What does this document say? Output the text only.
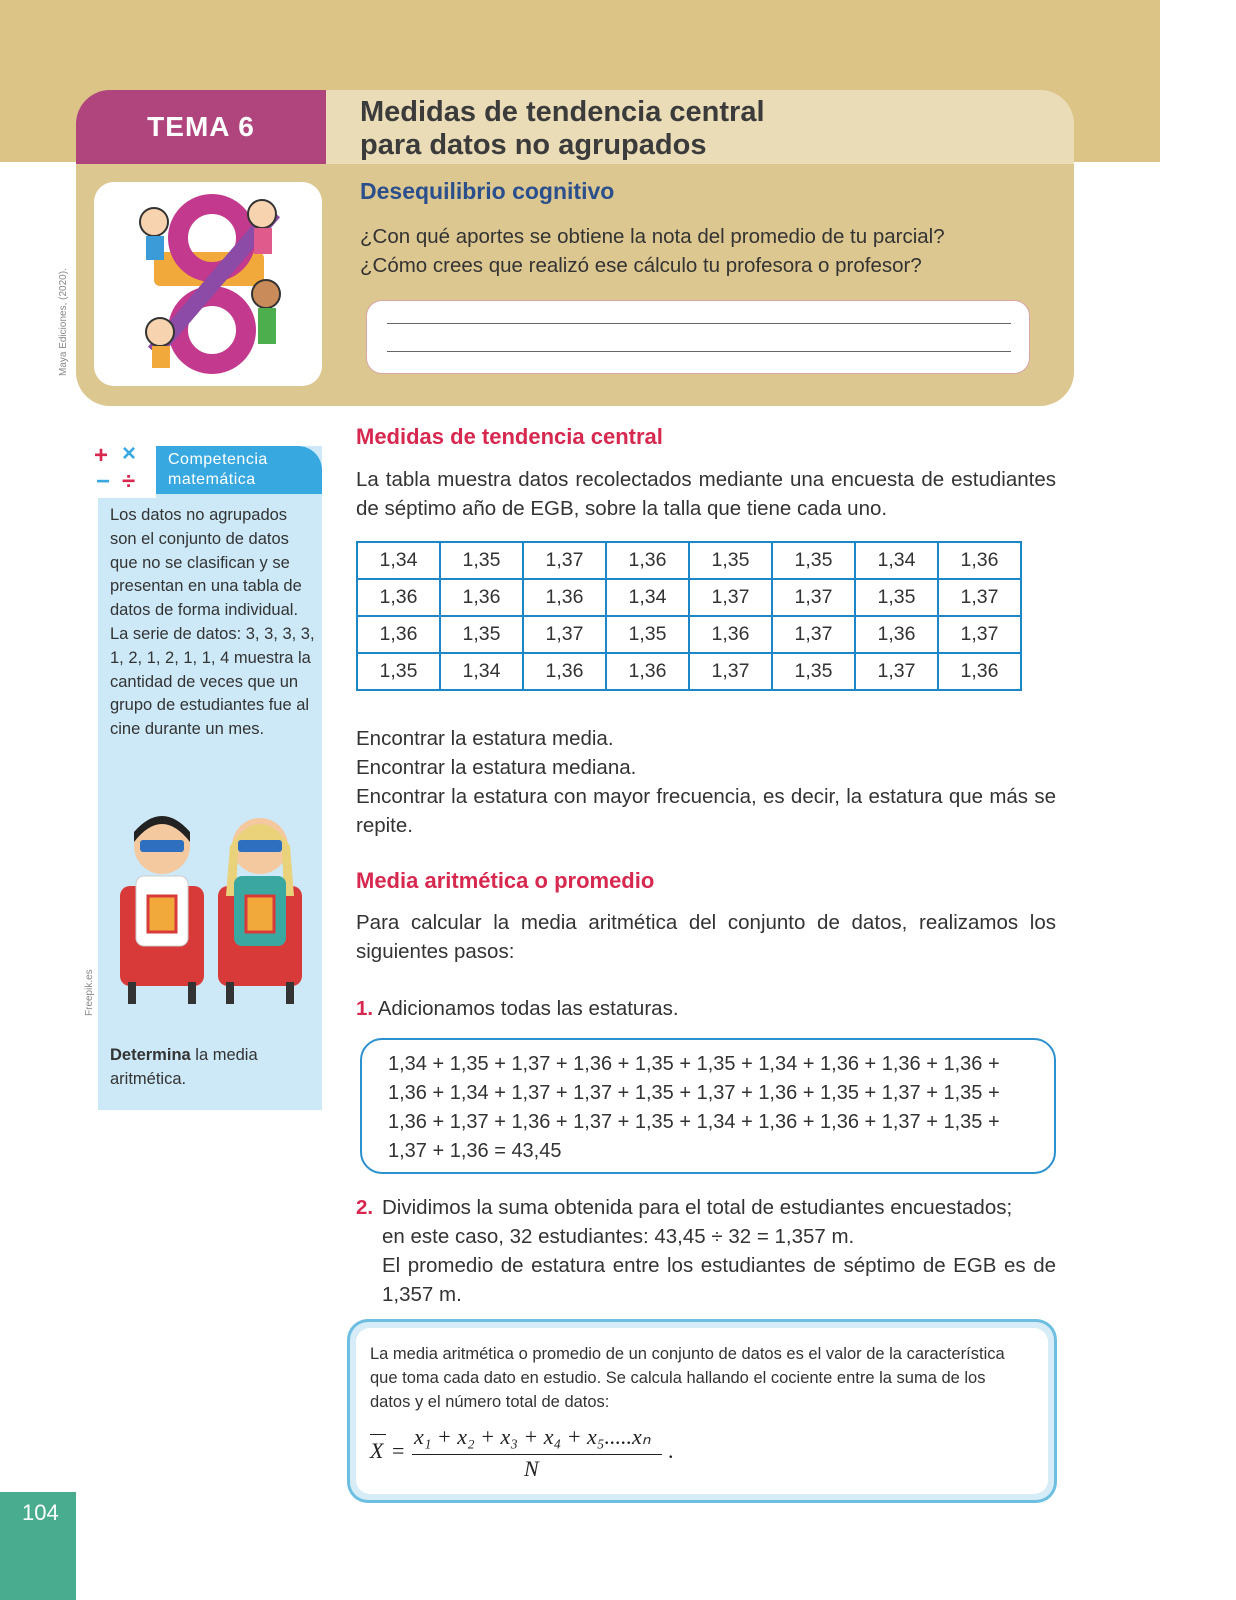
TEMA 6	Medidas de tendencia central
para datos no agrupados
Desequilibrio cognitivo
¿Con qué aportes se obtiene la nota del promedio de tu parcial?
¿Cómo crees que realizó ese cálculo tu profesora o profesor?
Maya Ediciones, (2020).
Freepik.es
+ ×
− ÷
Competencia
matemática
Los datos no agrupados son el conjunto de datos que no se clasifican y se presentan en una tabla de datos de forma individual. La serie de datos: 3, 3, 3, 3, 1, 2, 1, 2, 1, 1, 4 muestra la cantidad de veces que un grupo de estudiantes fue al cine durante un mes.
Determina la media aritmética.
Medidas de tendencia central
La tabla muestra datos recolectados mediante una encuesta de estudiantes de séptimo año de EGB, sobre la talla que tiene cada uno.
1,34	1,35	1,37	1,36	1,35	1,35	1,34	1,36
1,36	1,36	1,36	1,34	1,37	1,37	1,35	1,37
1,36	1,35	1,37	1,35	1,36	1,37	1,36	1,37
1,35	1,34	1,36	1,36	1,37	1,35	1,37	1,36
Encontrar la estatura media.
Encontrar la estatura mediana.
Encontrar la estatura con mayor frecuencia, es decir, la estatura que más se repite.
Media aritmética o promedio
Para calcular la media aritmética del conjunto de datos, realizamos los siguientes pasos:
1. Adicionamos todas las estaturas.
1,34 + 1,35 + 1,37 + 1,36 + 1,35 + 1,35 + 1,34 + 1,36 + 1,36 + 1,36 +
1,36 + 1,34 + 1,37 + 1,37 + 1,35 + 1,37 + 1,36 + 1,35 + 1,37 + 1,35 +
1,36 + 1,37 + 1,36 + 1,37 + 1,35 + 1,34 + 1,36 + 1,36 + 1,37 + 1,35 +
1,37 + 1,36 = 43,45
2. Dividimos la suma obtenida para el total de estudiantes encuestados;
en este caso, 32 estudiantes: 43,45 ÷ 32 = 1,357 m.
El promedio de estatura entre los estudiantes de séptimo de EGB es de 1,357 m.
La media aritmética o promedio de un conjunto de datos es el valor de la característica que toma cada dato en estudio. Se calcula hallando el cociente entre la suma de los datos y el número total de datos:
X =
x₁ + x₂ + x₃ + x₄ + x₅.....xₙ
N
.
104
